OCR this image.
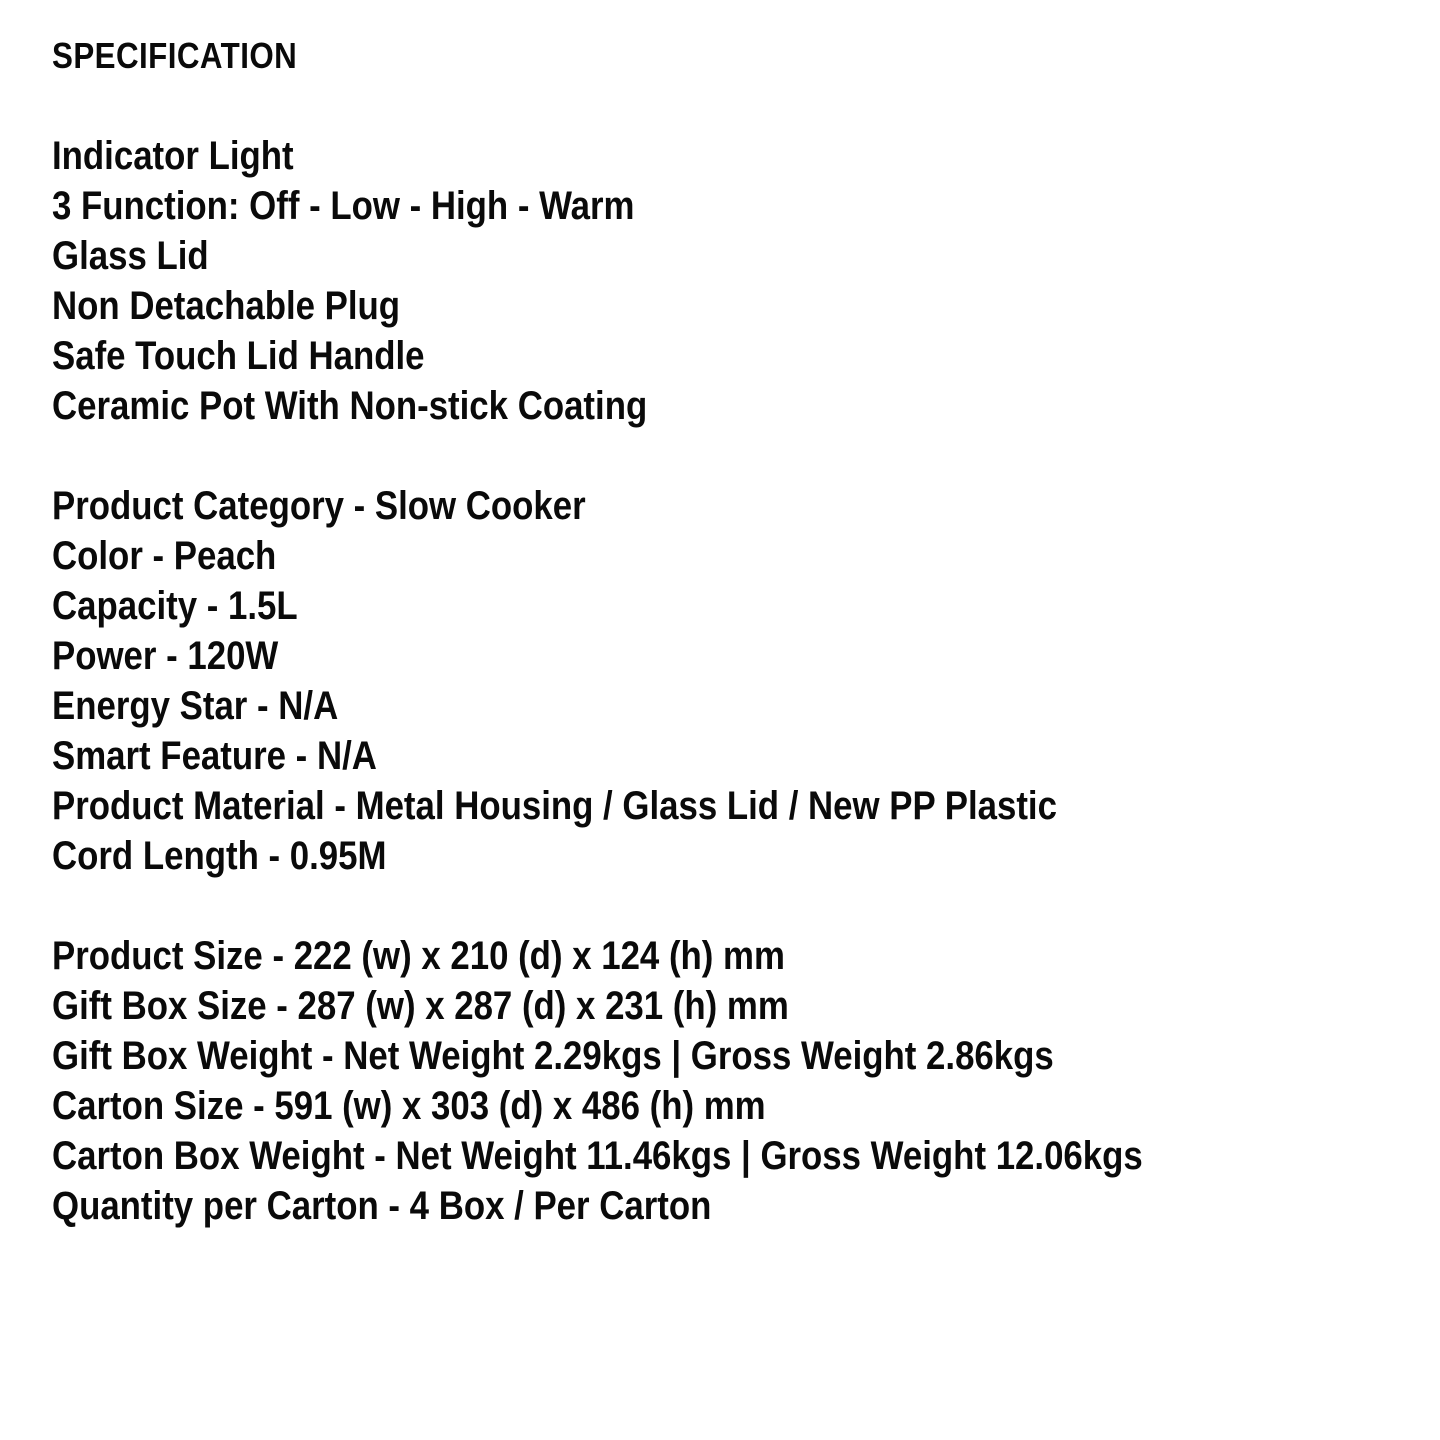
SPECIFICATION
Indicator Light
3 Function: Off - Low - High - Warm
Glass Lid
Non Detachable Plug
Safe Touch Lid Handle
Ceramic Pot With Non-stick Coating
Product Category - Slow Cooker
Color - Peach
Capacity - 1.5L
Power - 120W
Energy Star - N/A
Smart Feature - N/A
Product Material - Metal Housing / Glass Lid / New PP Plastic
Cord Length - 0.95M
Product Size - 222 (w) x 210 (d) x 124 (h) mm
Gift Box Size - 287 (w) x 287 (d) x 231 (h) mm
Gift Box Weight - Net Weight 2.29kgs | Gross Weight 2.86kgs
Carton Size - 591 (w) x 303 (d) x 486 (h) mm
Carton Box Weight - Net Weight 11.46kgs | Gross Weight 12.06kgs
Quantity per Carton - 4 Box / Per Carton
